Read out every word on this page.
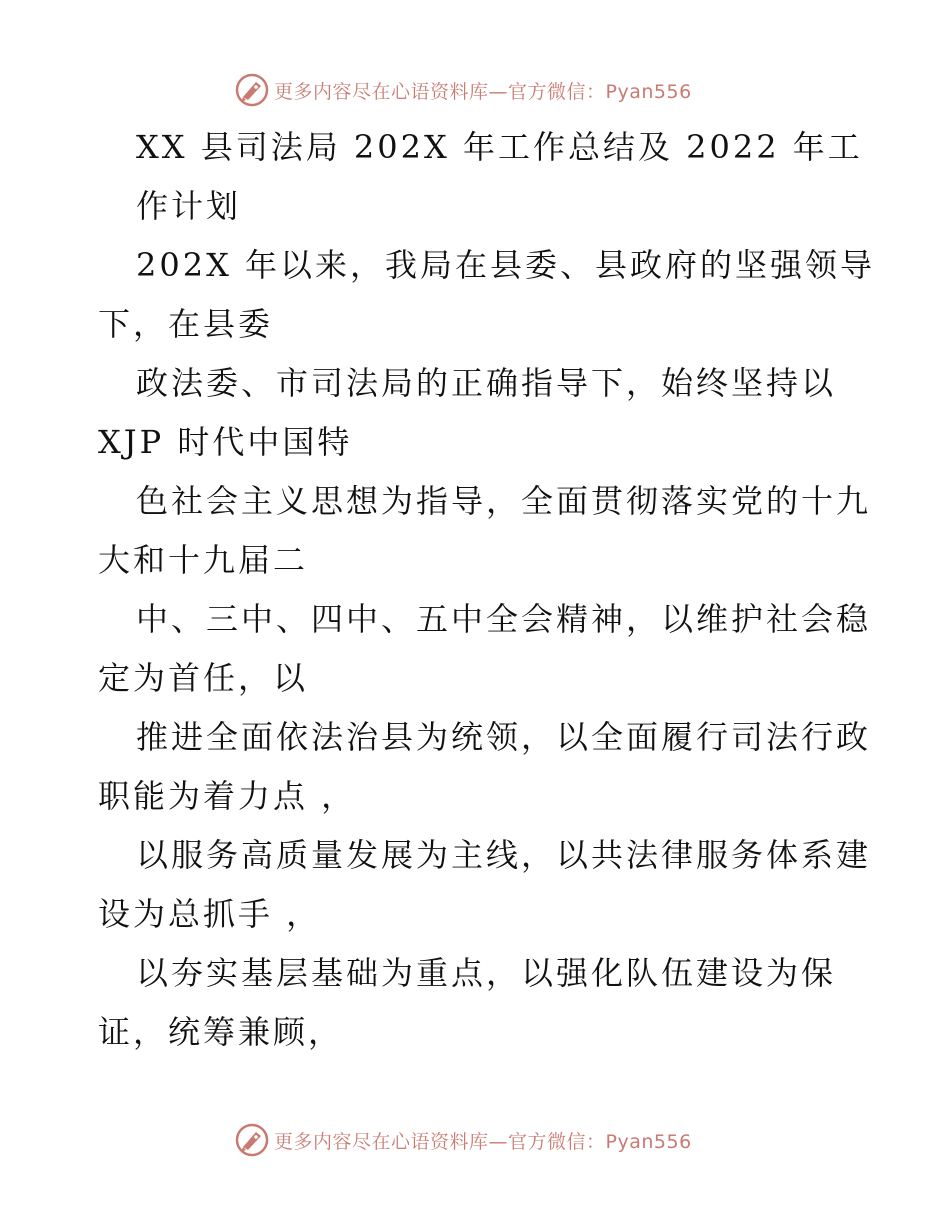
更多内容尽在心语资料库—官方微信：Pyan556
XX 县司法局 202X 年工作总结及 2022 年工
作计划
202X 年以来，我局在县委、县政府的坚强领导
下，在县委
政法委、市司法局的正确指导下，始终坚持以
XJP 时代中国特
色社会主义思想为指导，全面贯彻落实党的十九
大和十九届二
中、三中、四中、五中全会精神，以维护社会稳
定为首任，以
推进全面依法治县为统领，以全面履行司法行政
职能为着力点 ，
以服务高质量发展为主线，以共法律服务体系建
设为总抓手 ，
以夯实基层基础为重点，以强化队伍建设为保
证，统筹兼顾，
更多内容尽在心语资料库—官方微信：Pyan556
